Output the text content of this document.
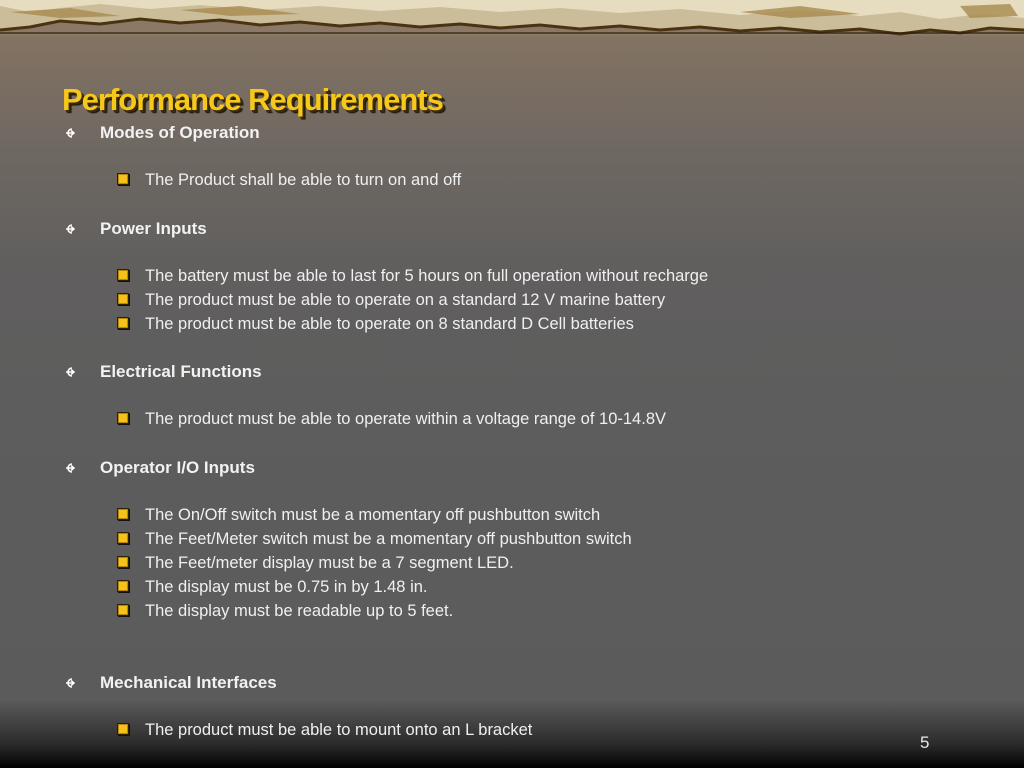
Performance Requirements
Modes of Operation
The Product shall be able to turn on and off
Power Inputs
The battery must be able to last for 5 hours on full operation without recharge
The product must be able to operate on a standard 12 V marine battery
The product must be able to operate on 8 standard D Cell batteries
Electrical Functions
The product must be able to operate within a voltage range of 10-14.8V
Operator I/O Inputs
The On/Off switch must be a momentary off pushbutton switch
The Feet/Meter switch must be a momentary off pushbutton switch
The Feet/meter display must be a 7 segment LED.
The display must be 0.75 in by 1.48 in.
The display must be readable up to 5 feet.
Mechanical Interfaces
The product must be able to mount onto an L bracket
5
